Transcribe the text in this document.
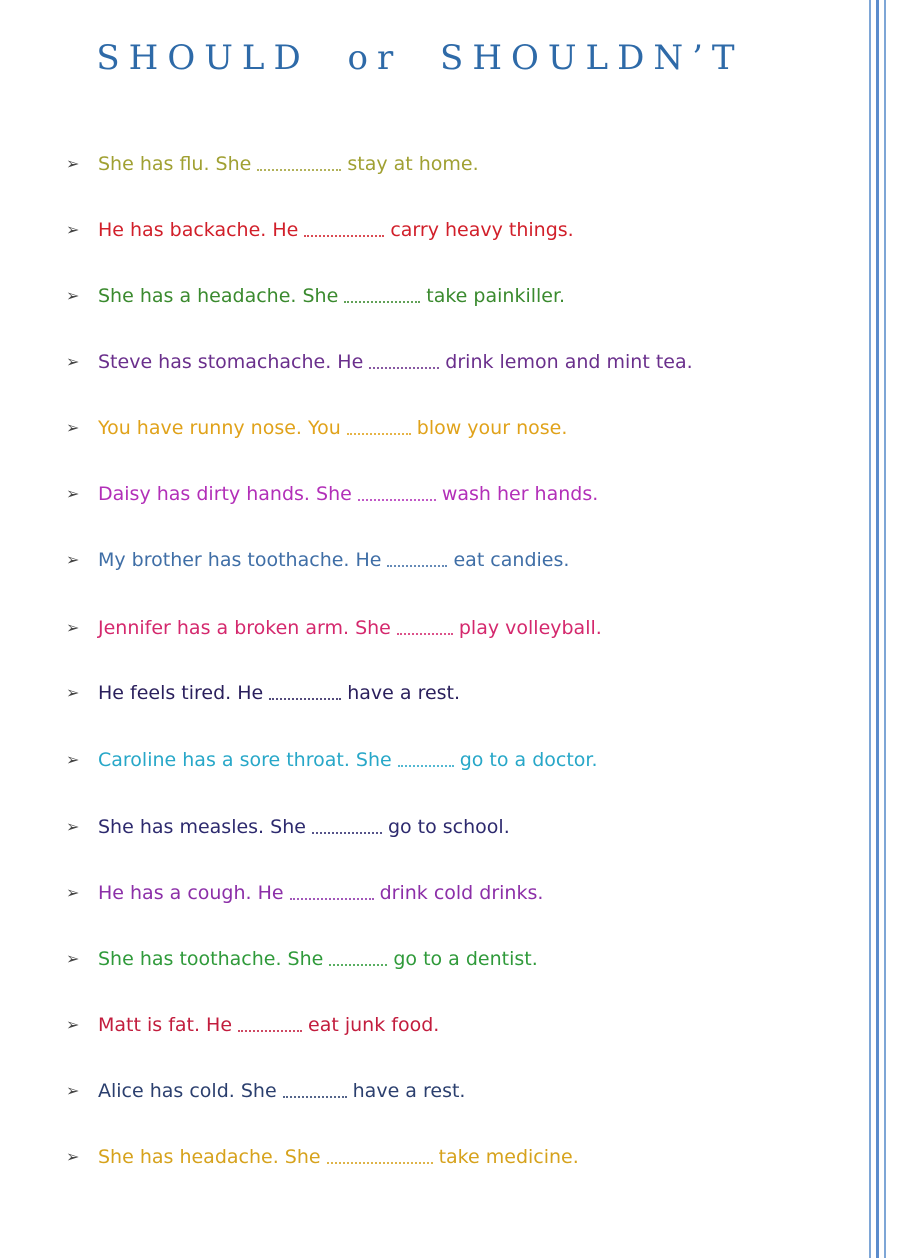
SHOULD or SHOULDN’T
➢ She has flu. She	stay at home.
➢ He has backache. He	carry heavy things.
➢ She has a headache. She	take painkiller.
➢ Steve has stomachache. He	drink lemon and mint tea.
➢ You have runny nose. You	blow your nose.
➢ Daisy has dirty hands. She	wash her hands.
➢ My brother has toothache. He	eat candies.
➢ Jennifer has a broken arm. She	play volleyball.
➢ He feels tired. He	have a rest.
➢ Caroline has a sore throat. She	go to a doctor.
➢ She has measles. She	go to school.
➢ He has a cough. He	drink cold drinks.
➢ She has toothache. She	go to a dentist.
➢ Matt is fat. He	eat junk food.
➢ Alice has cold. She	have a rest.
➢ She has headache. She	take medicine.
